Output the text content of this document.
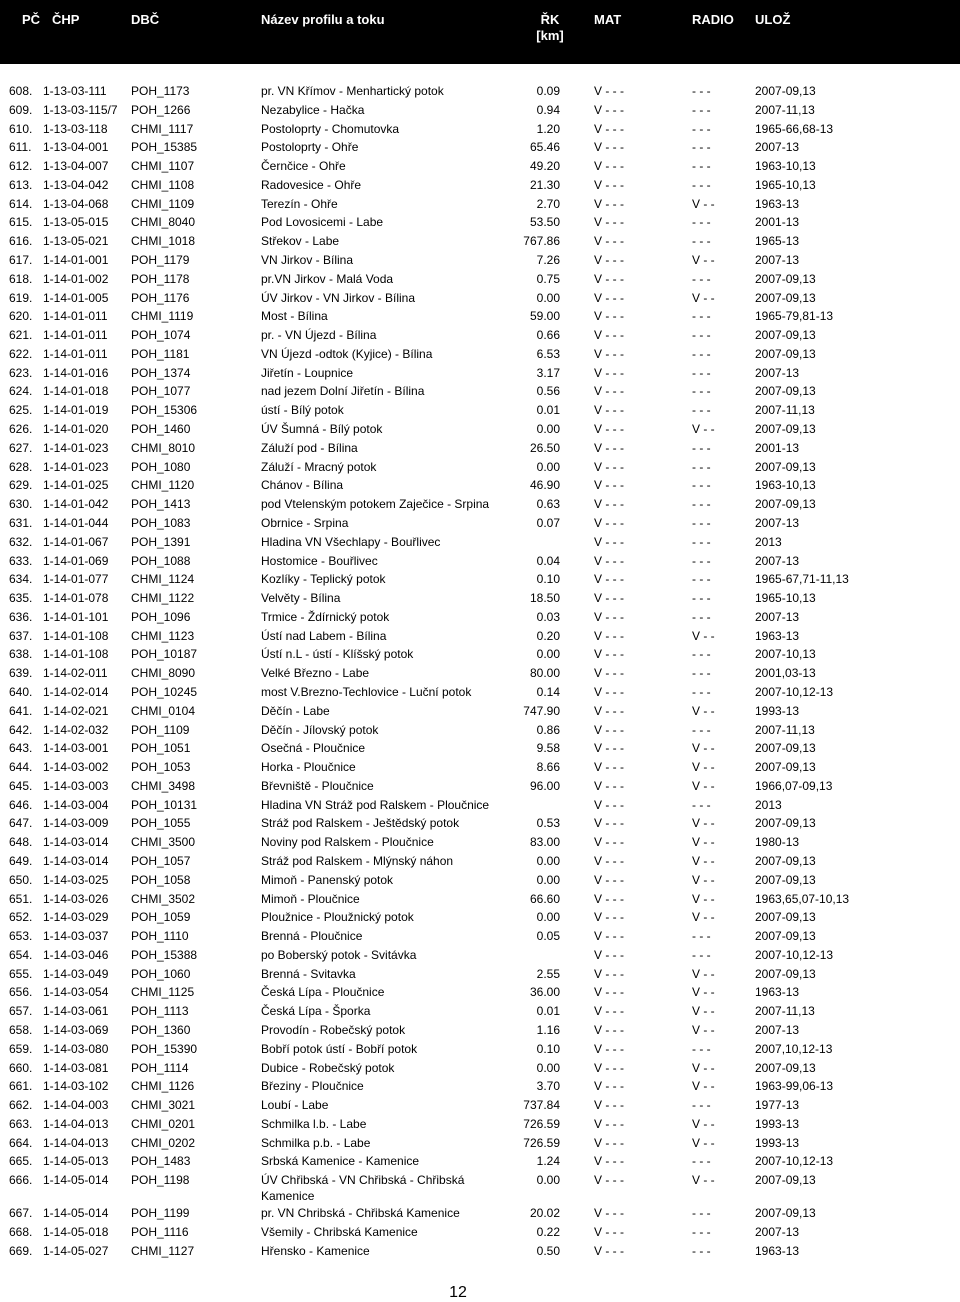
PČ ČHP	DBČ	Název profilu a toku	ŘK
[km]
MAT	RADIO ULOŽ
608. 1-13-03-111 POH_1173	pr. VN Křímov - Menhartický potok	0.09	V - - -	- - -	2007-09,13
609. 1-13-03-115/7 POH_1266	Nezabylice - Hačka	0.94	V - - -	- - -	2007-11,13
610. 1-13-03-118 CHMI_1117	Postoloprty - Chomutovka	1.20	V - - -	- - -	1965-66,68-13
611. 1-13-04-001 POH_15385	Postoloprty - Ohře	65.46	V - - -	- - -	2007-13
612. 1-13-04-007 CHMI_1107	Černčice - Ohře	49.20	V - - -	- - -	1963-10,13
613. 1-13-04-042 CHMI_1108	Radovesice - Ohře	21.30	V - - -	- - -	1965-10,13
614. 1-13-04-068 CHMI_1109	Terezín - Ohře	2.70	V - - -	V - -	1963-13
615. 1-13-05-015 CHMI_8040	Pod Lovosicemi - Labe	53.50	V - - -	- - -	2001-13
616. 1-13-05-021 CHMI_1018	Střekov - Labe	767.86	V - - -	- - -	1965-13
617. 1-14-01-001 POH_1179	VN Jirkov - Bílina	7.26	V - - -	V - -	2007-13
618. 1-14-01-002 POH_1178	pr.VN Jirkov - Malá Voda	0.75	V - - -	- - -	2007-09,13
619. 1-14-01-005 POH_1176	ÚV Jirkov - VN Jirkov - Bílina	0.00	V - - -	V - -	2007-09,13
620. 1-14-01-011 CHMI_1119	Most - Bílina	59.00	V - - -	- - -	1965-79,81-13
621. 1-14-01-011 POH_1074	pr. - VN Újezd - Bílina	0.66	V - - -	- - -	2007-09,13
622. 1-14-01-011 POH_1181	VN Újezd -odtok (Kyjice) - Bílina	6.53	V - - -	- - -	2007-09,13
623. 1-14-01-016 POH_1374	Jiřetín - Loupnice	3.17	V - - -	- - -	2007-13
624. 1-14-01-018 POH_1077	nad jezem Dolní Jiřetín - Bílina	0.56	V - - -	- - -	2007-09,13
625. 1-14-01-019 POH_15306	ústí - Bílý potok	0.01	V - - -	- - -	2007-11,13
626. 1-14-01-020 POH_1460	ÚV Šumná - Bílý potok	0.00	V - - -	V - -	2007-09,13
627. 1-14-01-023 CHMI_8010	Záluží pod - Bílina	26.50	V - - -	- - -	2001-13
628. 1-14-01-023 POH_1080	Záluží - Mracný potok	0.00	V - - -	- - -	2007-09,13
629. 1-14-01-025 CHMI_1120	Chánov - Bílina	46.90	V - - -	- - -	1963-10,13
630. 1-14-01-042 POH_1413	pod Vtelenským potokem Zaječice - Srpina	0.63	V - - -	- - -	2007-09,13
631. 1-14-01-044 POH_1083	Obrnice - Srpina	0.07	V - - -	- - -	2007-13
632. 1-14-01-067 POH_1391	Hladina VN Všechlapy - Bouřlivec	V - - -	- - -	2013
633. 1-14-01-069 POH_1088	Hostomice - Bouřlivec	0.04	V - - -	- - -	2007-13
634. 1-14-01-077 CHMI_1124	Kozlíky - Teplický potok	0.10	V - - -	- - -	1965-67,71-11,13
635. 1-14-01-078 CHMI_1122	Velvěty - Bílina	18.50	V - - -	- - -	1965-10,13
636. 1-14-01-101 POH_1096	Trmice - Ždírnický potok	0.03	V - - -	- - -	2007-13
637. 1-14-01-108 CHMI_1123	Ústí nad Labem - Bílina	0.20	V - - -	V - -	1963-13
638. 1-14-01-108 POH_10187	Ústí n.L - ústí - Klíšský potok	0.00	V - - -	- - -	2007-10,13
639. 1-14-02-011 CHMI_8090	Velké Březno - Labe	80.00	V - - -	- - -	2001,03-13
640. 1-14-02-014 POH_10245	most V.Brezno-Techlovice - Luční potok	0.14	V - - -	- - -	2007-10,12-13
641. 1-14-02-021 CHMI_0104	Děčín - Labe	747.90	V - - -	V - -	1993-13
642. 1-14-02-032 POH_1109	Děčín - Jílovský potok	0.86	V - - -	- - -	2007-11,13
643. 1-14-03-001 POH_1051	Osečná - Ploučnice	9.58	V - - -	V - -	2007-09,13
644. 1-14-03-002 POH_1053	Horka - Ploučnice	8.66	V - - -	V - -	2007-09,13
645. 1-14-03-003 CHMI_3498	Břevniště - Ploučnice	96.00	V - - -	V - -	1966,07-09,13
646. 1-14-03-004 POH_10131	Hladina VN Stráž pod Ralskem - Ploučnice	V - - -	- - -	2013
647. 1-14-03-009 POH_1055	Stráž pod Ralskem - Ještědský potok	0.53	V - - -	V - -	2007-09,13
648. 1-14-03-014 CHMI_3500	Noviny pod Ralskem - Ploučnice	83.00	V - - -	V - -	1980-13
649. 1-14-03-014 POH_1057	Stráž pod Ralskem - Mlýnský náhon	0.00	V - - -	V - -	2007-09,13
650. 1-14-03-025 POH_1058	Mimoň - Panenský potok	0.00	V - - -	V - -	2007-09,13
651. 1-14-03-026 CHMI_3502	Mimoň - Ploučnice	66.60	V - - -	V - -	1963,65,07-10,13
652. 1-14-03-029 POH_1059	Ploužnice - Ploužnický potok	0.00	V - - -	V - -	2007-09,13
653. 1-14-03-037 POH_1110	Brenná - Ploučnice	0.05	V - - -	- - -	2007-09,13
654. 1-14-03-046 POH_15388	po Boberský potok - Svitávka	V - - -	- - -	2007-10,12-13
655. 1-14-03-049 POH_1060	Brenná - Svitavka	2.55	V - - -	V - -	2007-09,13
656. 1-14-03-054 CHMI_1125	Česká Lípa - Ploučnice	36.00	V - - -	V - -	1963-13
657. 1-14-03-061 POH_1113	Česká Lípa - Šporka	0.01	V - - -	V - -	2007-11,13
658. 1-14-03-069 POH_1360	Provodín - Robečský potok	1.16	V - - -	V - -	2007-13
659. 1-14-03-080 POH_15390	Bobří potok ústí - Bobří potok	0.10	V - - -	- - -	2007,10,12-13
660. 1-14-03-081 POH_1114	Dubice - Robečský potok	0.00	V - - -	V - -	2007-09,13
661. 1-14-03-102 CHMI_1126	Březiny - Ploučnice	3.70	V - - -	V - -	1963-99,06-13
662. 1-14-04-003 CHMI_3021	Loubí - Labe	737.84	V - - -	- - -	1977-13
663. 1-14-04-013 CHMI_0201	Schmilka l.b. - Labe	726.59	V - - -	V - -	1993-13
664. 1-14-04-013 CHMI_0202	Schmilka p.b. - Labe	726.59	V - - -	V - -	1993-13
665. 1-14-05-013 POH_1483	Srbská Kamenice - Kamenice	1.24	V - - -	- - -	2007-10,12-13
666. 1-14-05-014 POH_1198	ÚV Chřibská - VN Chřibská - Chřibská	0.00	V - - -	V - -	2007-09,13
Kamenice
667. 1-14-05-014 POH_1199	pr. VN Chribská - Chřibská Kamenice	20.02	V - - -	- - -	2007-09,13
668. 1-14-05-018 POH_1116	Všemily - Chribská Kamenice	0.22	V - - -	- - -	2007-13
669. 1-14-05-027 CHMI_1127	Hřensko - Kamenice	0.50	V - - -	- - -	1963-13
12
